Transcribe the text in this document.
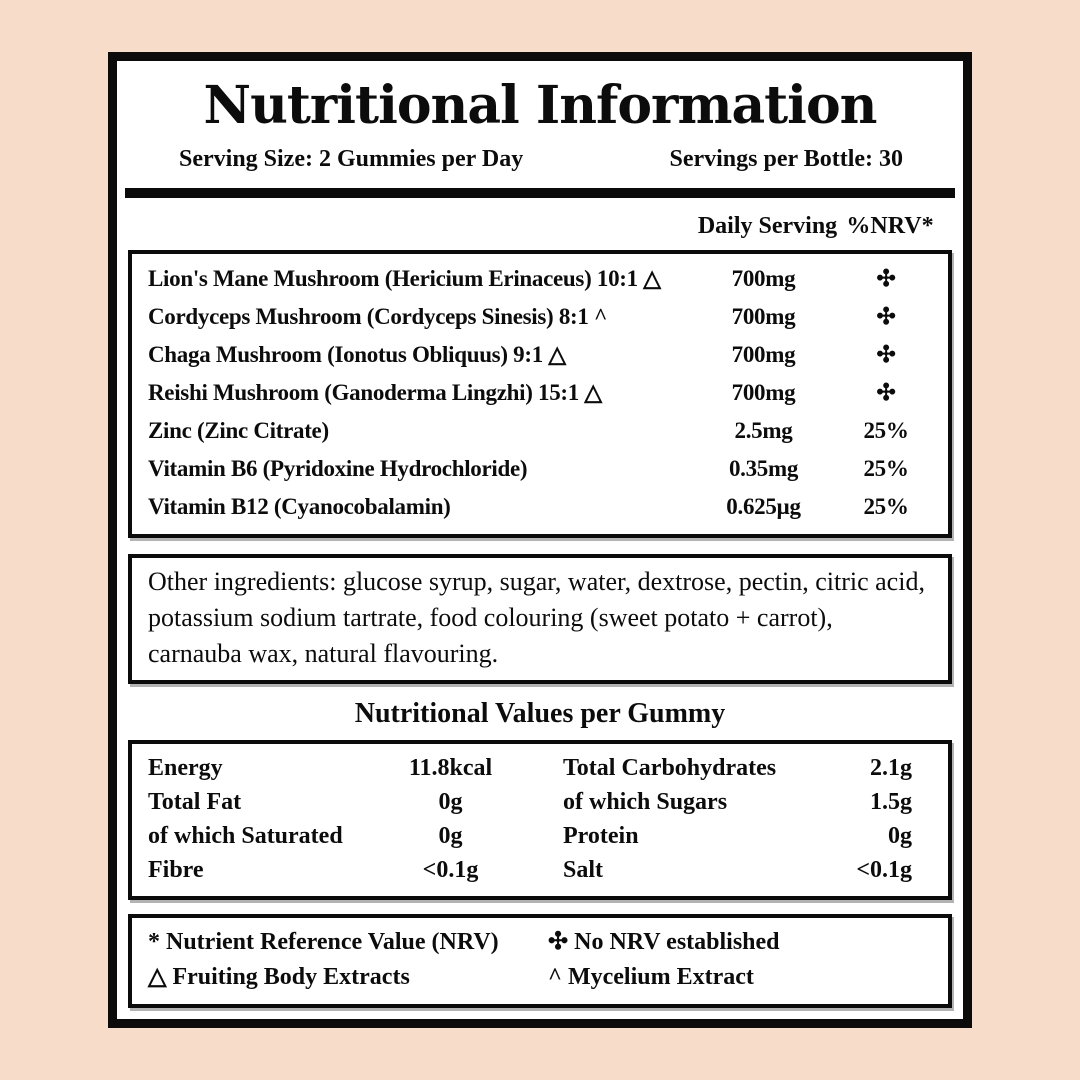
Nutritional Information
Serving Size: 2 Gummies per Day	Servings per Bottle: 30
Daily Serving %NRV*
Lion's Mane Mushroom (Hericium Erinaceus) 10:1 △	700mg	✣
Cordyceps Mushroom (Cordyceps Sinesis) 8:1 ^	700mg	✣
Chaga Mushroom (Ionotus Obliquus) 9:1 △	700mg	✣
Reishi Mushroom (Ganoderma Lingzhi) 15:1 △	700mg	✣
Zinc (Zinc Citrate)	2.5mg	25%
Vitamin B6 (Pyridoxine Hydrochloride)	0.35mg	25%
Vitamin B12 (Cyanocobalamin)	0.625µg	25%

Other ingredients: glucose syrup, sugar, water, dextrose, pectin, citric acid, potassium sodium tartrate, food colouring (sweet potato + carrot), carnauba wax, natural flavouring.

Nutritional Values per Gummy
Energy	11.8kcal	Total Carbohydrates	2.1g
Total Fat	0g	of which Sugars	1.5g
of which Saturated	0g	Protein	0g
Fibre	<0.1g	Salt	<0.1g
* Nutrient Reference Value (NRV)	✣ No NRV established
△ Fruiting Body Extracts	^ Mycelium Extract
